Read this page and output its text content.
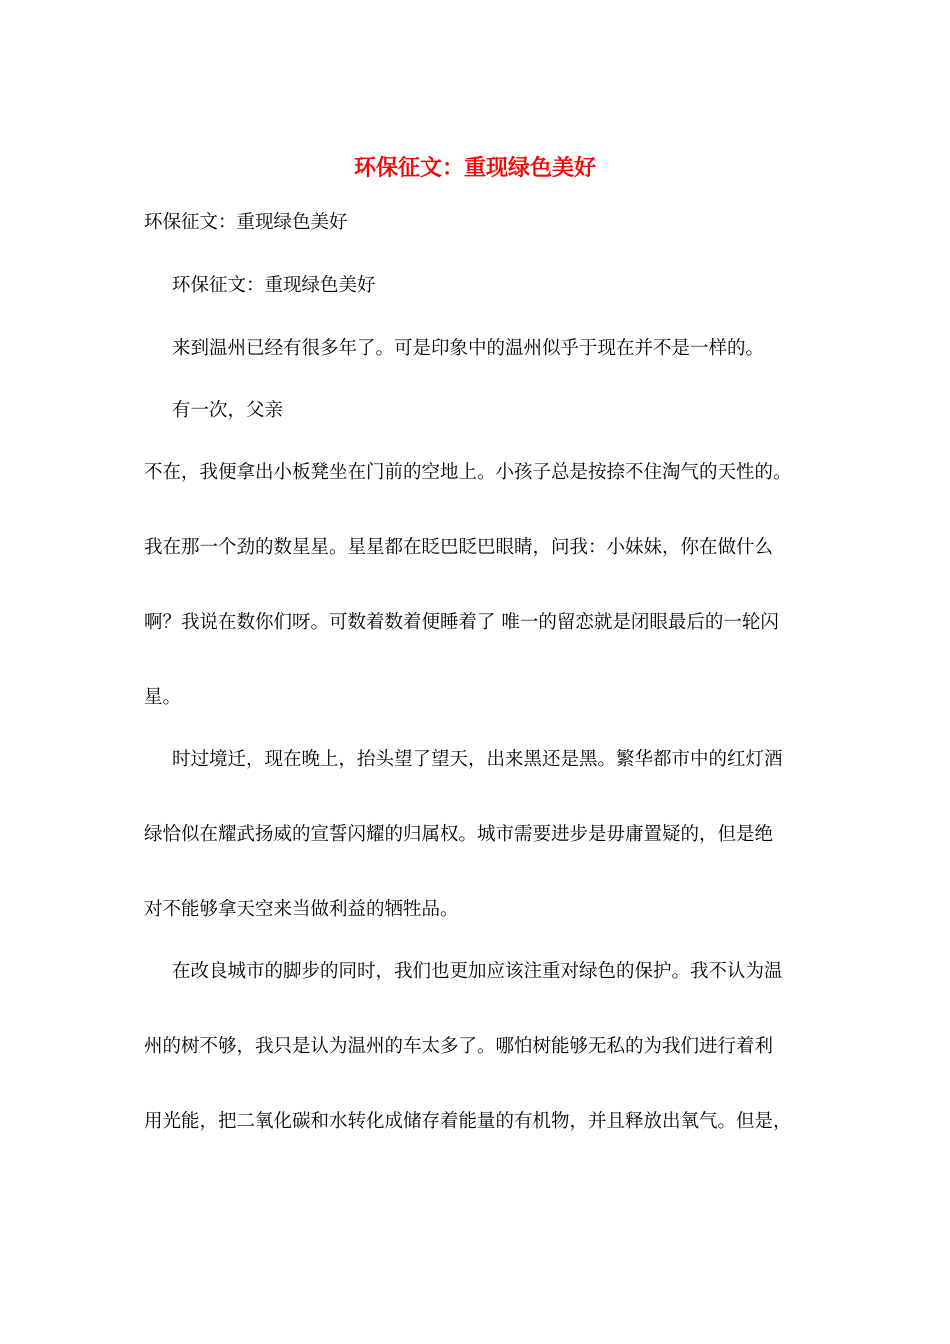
环保征文：重现绿色美好

环保征文：重现绿色美好

环保征文：重现绿色美好

来到温州已经有很多年了。可是印象中的温州似乎于现在并不是一样的。

有一次，父亲

不在，我便拿出小板凳坐在门前的空地上。小孩子总是按捺不住淘气的天性的。

我在那一个劲的数星星。星星都在眨巴眨巴眼睛，问我：小妹妹，你在做什么

啊？我说在数你们呀。可数着数着便睡着了 唯一的留恋就是闭眼最后的一轮闪

星。

时过境迁，现在晚上，抬头望了望天，出来黑还是黑。繁华都市中的红灯酒

绿恰似在耀武扬威的宣誓闪耀的归属权。城市需要进步是毋庸置疑的，但是绝

对不能够拿天空来当做利益的牺牲品。

在改良城市的脚步的同时，我们也更加应该注重对绿色的保护。我不认为温

州的树不够，我只是认为温州的车太多了。哪怕树能够无私的为我们进行着利

用光能，把二氧化碳和水转化成储存着能量的有机物，并且释放出氧气。但是，
